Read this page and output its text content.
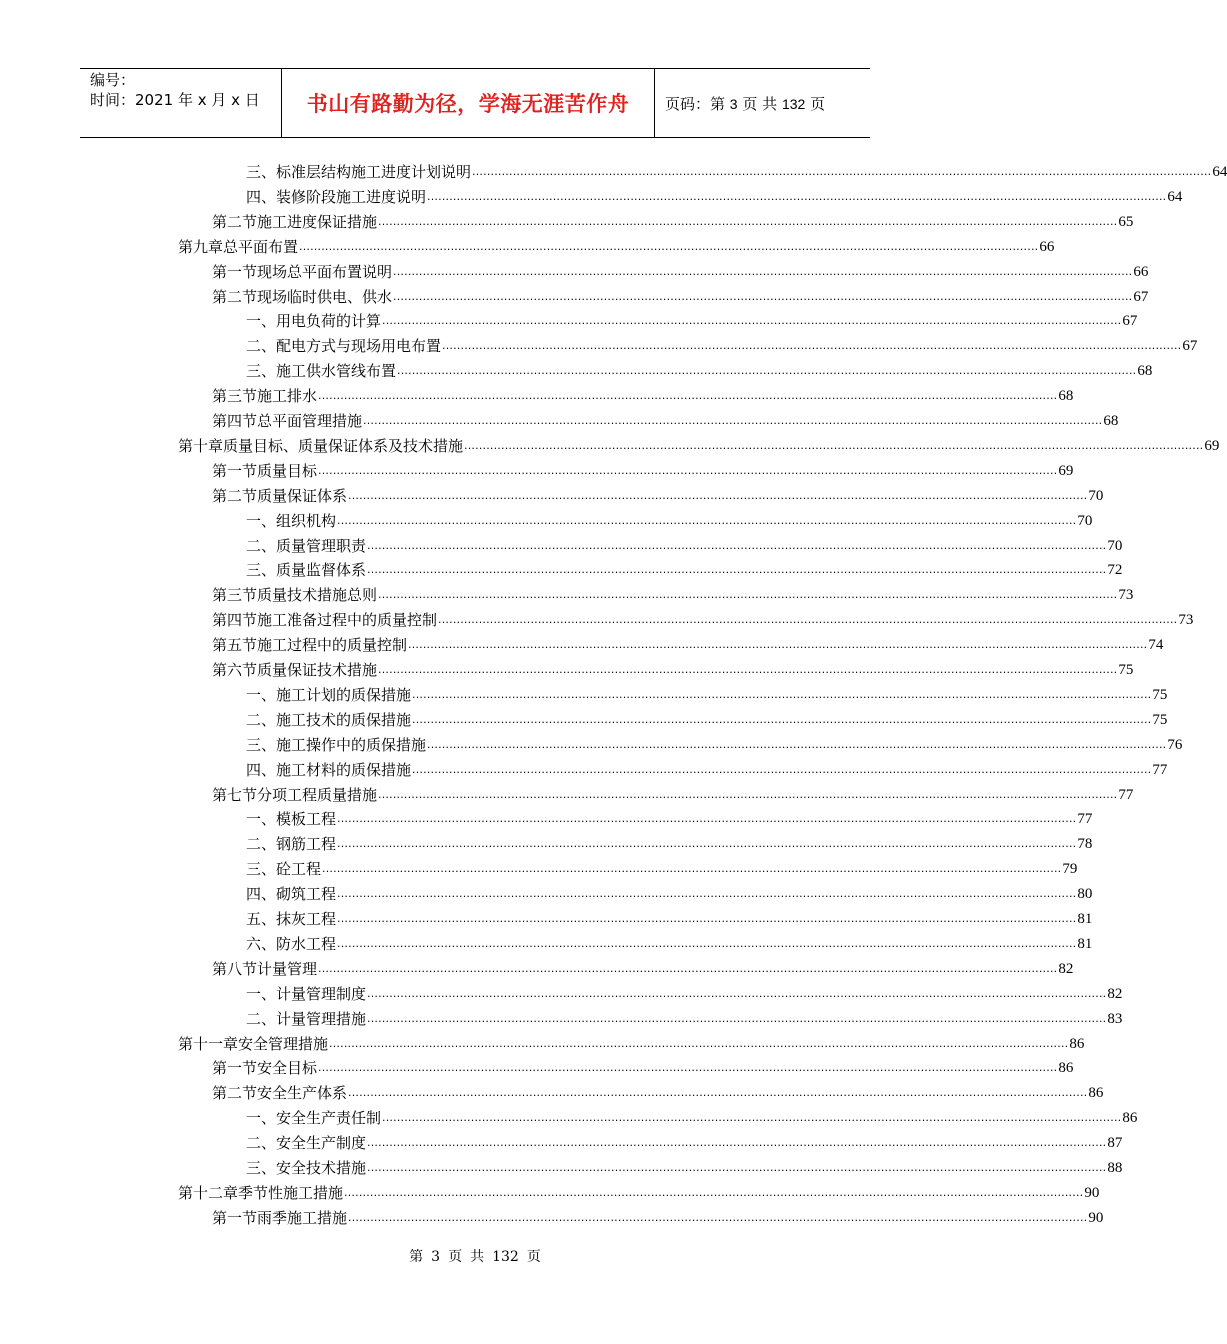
编号：
时间：2021 年 x 月 x 日 书山有路勤为径，学海无涯苦作舟 页码：第 3 页 共 132 页
三、 标准层结构施工进度计划说明 ........................................................................................................................................................................................................ 64
四、 装修阶段施工进度说明 ........................................................................................................................................................................................................ 64
第二节 施工进度保证措施 ........................................................................................................................................................................................................ 65
第九章 总平面布置 ........................................................................................................................................................................................................ 66
第一节 现场总平面布置说明 ........................................................................................................................................................................................................ 66
第二节 现场临时供电、供水 ........................................................................................................................................................................................................ 67
一、 用电负荷的计算 ........................................................................................................................................................................................................ 67
二、 配电方式与现场用电布置 ........................................................................................................................................................................................................ 67
三、 施工供水管线布置 ........................................................................................................................................................................................................ 68
第三节 施工排水 ........................................................................................................................................................................................................ 68
第四节 总平面管理措施 ........................................................................................................................................................................................................ 68
第十章 质量目标、质量保证体系及技术措施 ........................................................................................................................................................................................................ 69
第一节 质量目标 ........................................................................................................................................................................................................ 69
第二节 质量保证体系 ........................................................................................................................................................................................................ 70
一、 组织机构 ........................................................................................................................................................................................................ 70
二、 质量管理职责 ........................................................................................................................................................................................................ 70
三、 质量监督体系 ........................................................................................................................................................................................................ 72
第三节 质量技术措施总则 ........................................................................................................................................................................................................ 73
第四节 施工准备过程中的质量控制 ........................................................................................................................................................................................................ 73
第五节 施工过程中的质量控制 ........................................................................................................................................................................................................ 74
第六节 质量保证技术措施 ........................................................................................................................................................................................................ 75
一、 施工计划的质保措施 ........................................................................................................................................................................................................ 75
二、 施工技术的质保措施 ........................................................................................................................................................................................................ 75
三、 施工操作中的质保措施 ........................................................................................................................................................................................................ 76
四、 施工材料的质保措施 ........................................................................................................................................................................................................ 77
第七节 分项工程质量措施 ........................................................................................................................................................................................................ 77
一、 模板工程 ........................................................................................................................................................................................................ 77
二、 钢筋工程 ........................................................................................................................................................................................................ 78
三、 砼工程 ........................................................................................................................................................................................................ 79
四、 砌筑工程 ........................................................................................................................................................................................................ 80
五、 抹灰工程 ........................................................................................................................................................................................................ 81
六、 防水工程 ........................................................................................................................................................................................................ 81
第八节 计量管理 ........................................................................................................................................................................................................ 82
一、 计量管理制度 ........................................................................................................................................................................................................ 82
二、 计量管理措施 ........................................................................................................................................................................................................ 83
第十一章 安全管理措施 ........................................................................................................................................................................................................ 86
第一节 安全目标 ........................................................................................................................................................................................................ 86
第二节 安全生产体系 ........................................................................................................................................................................................................ 86
一、 安全生产责任制 ........................................................................................................................................................................................................ 86
二、 安全生产制度 ........................................................................................................................................................................................................ 87
三、 安全技术措施 ........................................................................................................................................................................................................ 88
第十二章 季节性施工措施 ........................................................................................................................................................................................................ 90
第一节 雨季施工措施 ........................................................................................................................................................................................................ 90
第 3 页 共 132 页
